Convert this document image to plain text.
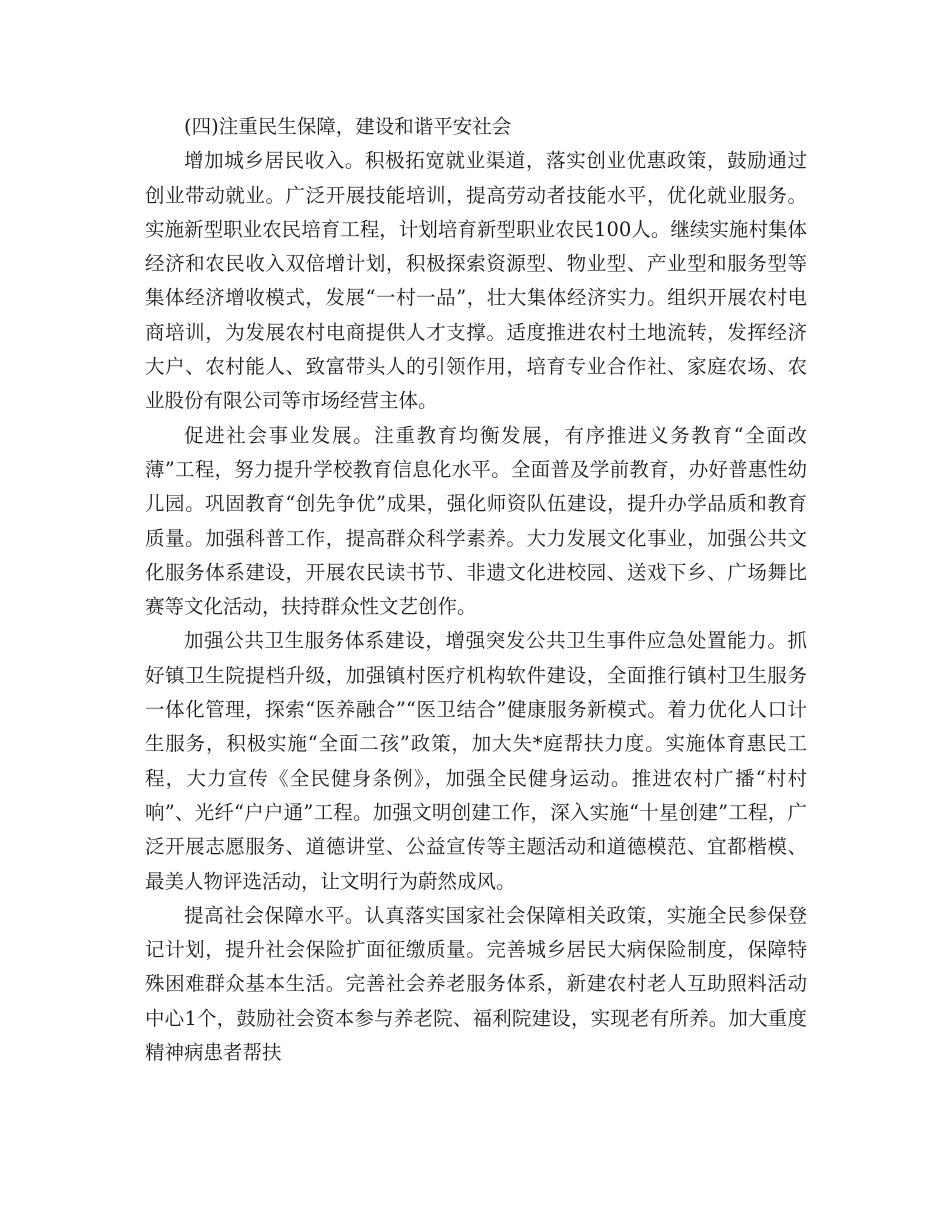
(四)注重民生保障，建设和谐平安社会

增加城乡居民收入。积极拓宽就业渠道，落实创业优惠政策，鼓励通过创业带动就业。广泛开展技能培训，提高劳动者技能水平，优化就业服务。实施新型职业农民培育工程，计划培育新型职业农民100人。继续实施村集体经济和农民收入双倍增计划，积极探索资源型、物业型、产业型和服务型等集体经济增收模式，发展“一村一品”，壮大集体经济实力。组织开展农村电商培训，为发展农村电商提供人才支撑。适度推进农村土地流转，发挥经济大户、农村能人、致富带头人的引领作用，培育专业合作社、家庭农场、农业股份有限公司等市场经营主体。

促进社会事业发展。注重教育均衡发展，有序推进义务教育“全面改薄”工程，努力提升学校教育信息化水平。全面普及学前教育，办好普惠性幼儿园。巩固教育“创先争优”成果，强化师资队伍建设，提升办学品质和教育质量。加强科普工作，提高群众科学素养。大力发展文化事业，加强公共文化服务体系建设，开展农民读书节、非遗文化进校园、送戏下乡、广场舞比赛等文化活动，扶持群众性文艺创作。

加强公共卫生服务体系建设，增强突发公共卫生事件应急处置能力。抓好镇卫生院提档升级，加强镇村医疗机构软件建设，全面推行镇村卫生服务一体化管理，探索“医养融合”“医卫结合”健康服务新模式。着力优化人口计生服务，积极实施“全面二孩”政策，加大失*庭帮扶力度。实施体育惠民工程，大力宣传《全民健身条例》，加强全民健身运动。推进农村广播“村村响”、光纤“户户通”工程。加强文明创建工作，深入实施“十星创建”工程，广泛开展志愿服务、道德讲堂、公益宣传等主题活动和道德模范、宜都楷模、最美人物评选活动，让文明行为蔚然成风。

提高社会保障水平。认真落实国家社会保障相关政策，实施全民参保登记计划，提升社会保险扩面征缴质量。完善城乡居民大病保险制度，保障特殊困难群众基本生活。完善社会养老服务体系，新建农村老人互助照料活动中心1个，鼓励社会资本参与养老院、福利院建设，实现老有所养。加大重度精神病患者帮扶
